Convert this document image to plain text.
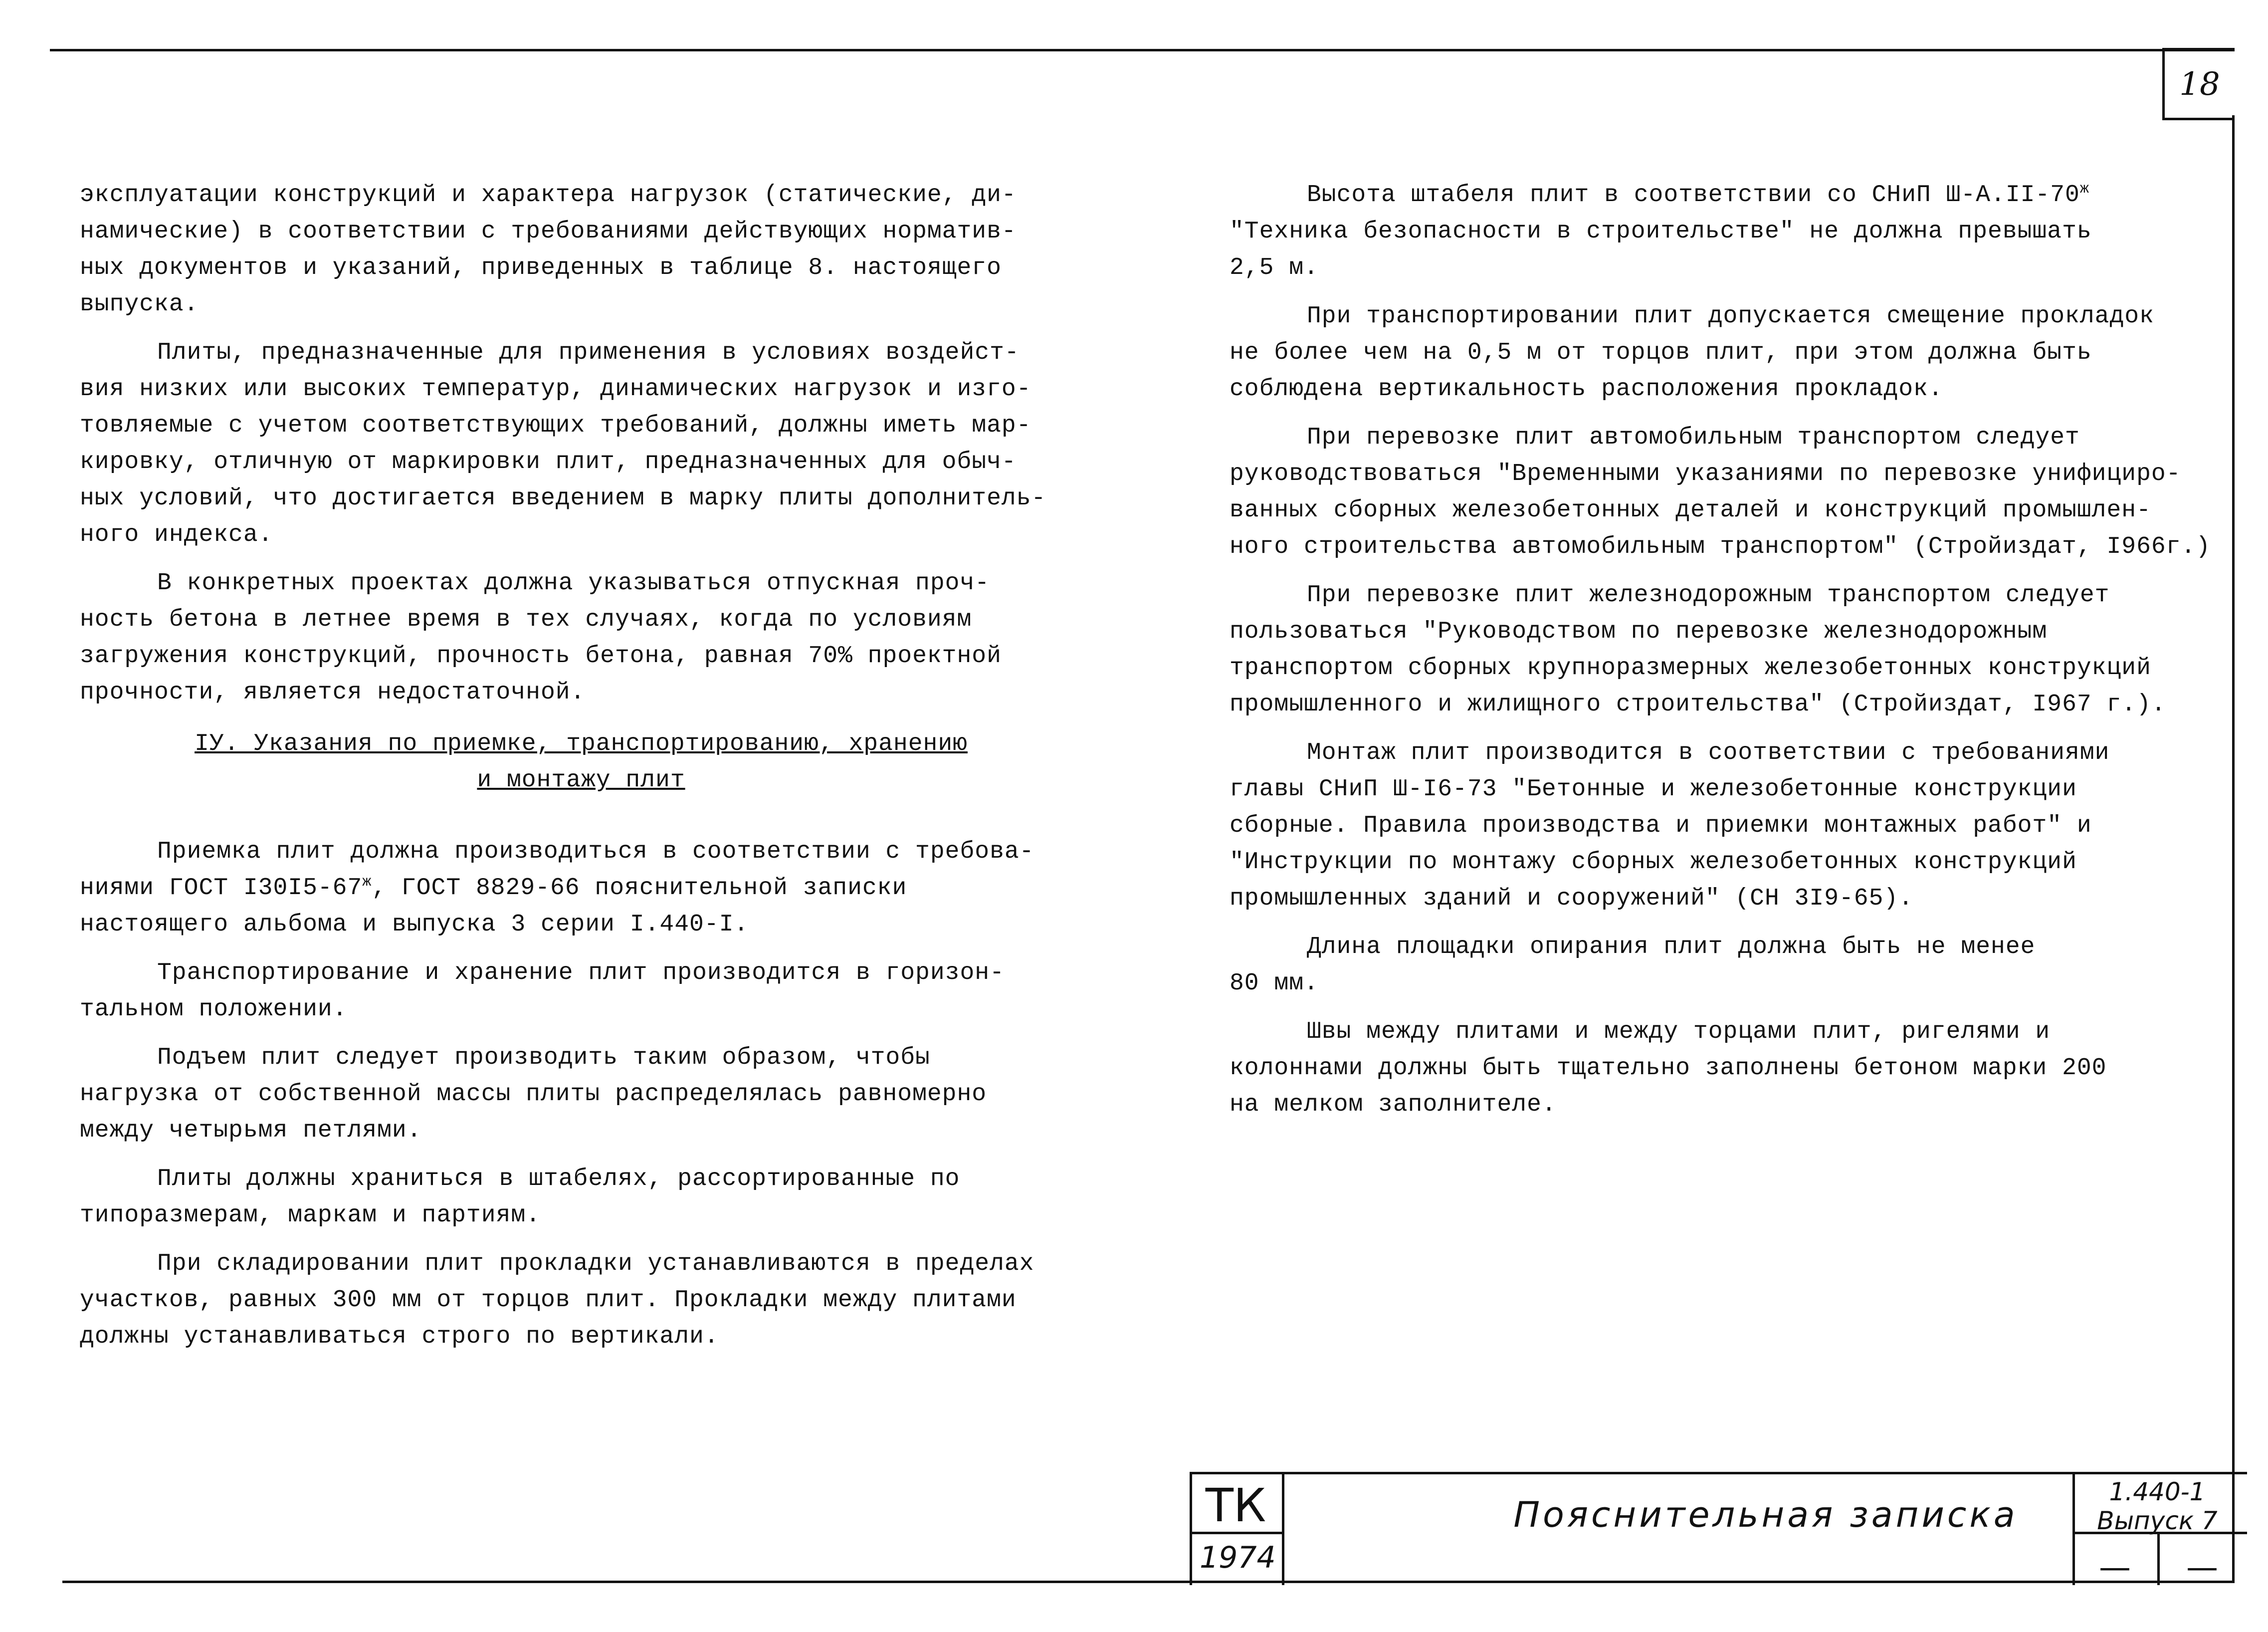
18

эксплуатации конструкций и характера нагрузок (статические, ди-
намические) в соответствии с требованиями действующих норматив-
ных документов и указаний, приведенных в таблице 8. настоящего
выпуска.

Плиты, предназначенные для применения в условиях воздейст-
вия низких или высоких температур, динамических нагрузок и изго-
товляемые с учетом соответствующих требований, должны иметь мар-
кировку, отличную от маркировки плит, предназначенных для обыч-
ных условий, что достигается введением в марку плиты дополнитель-
ного индекса.

В конкретных проектах должна указываться отпускная проч-
ность бетона в летнее время в тех случаях, когда по условиям
загружения конструкций, прочность бетона, равная 70% проектной
прочности, является недостаточной.

IУ. Указания по приемке, транспортированию, хранению
и монтажу плит

Приемка плит должна производиться в соответствии с требова-
ниями ГОСТ $I30I5-67^ж$, ГОСТ 8829-66 пояснительной записки
настоящего альбома и выпуска 3 серии I.440-I.

Транспортирование и хранение плит производится в горизон-
тальном положении.

Подъем плит следует производить таким образом, чтобы
нагрузка от собственной массы плиты распределялась равномерно
между четырьмя петлями.

Плиты должны храниться в штабелях, рассортированные по
типоразмерам, маркам и партиям.

При складировании плит прокладки устанавливаются в пределах
участков, равных 300 мм от торцов плит. Прокладки между плитами
должны устанавливаться строго по вертикали.

Высота штабеля плит в соответствии со СНиП $Ш-А.II-70^ж$
"Техника безопасности в строительстве" не должна превышать
2,5 м.

При транспортировании плит допускается смещение прокладок
не более чем на 0,5 м от торцов плит, при этом должна быть
соблюдена вертикальность расположения прокладок.

При перевозке плит автомобильным транспортом следует
руководствоваться "Временными указаниями по перевозке унифициро-
ванных сборных железобетонных деталей и конструкций промышлен-
ного строительства автомобильным транспортом" (Стройиздат, I966г.)

При перевозке плит железнодорожным транспортом следует
пользоваться "Руководством по перевозке железнодорожным
транспортом сборных крупноразмерных железобетонных конструкций
промышленного и жилищного строительства" (Стройиздат, I967 г.).

Монтаж плит производится в соответствии с требованиями
главы СНиП Ш-I6-73 "Бетонные и железобетонные конструкции
сборные. Правила производства и приемки монтажных работ" и
"Инструкции по монтажу сборных железобетонных конструкций
промышленных зданий и сооружений" (СН 3I9-65).

Длина площадки опирания плит должна быть не менее
80 мм.

Швы между плитами и между торцами плит, ригелями и
колоннами должны быть тщательно заполнены бетоном марки 200
на мелком заполнителе.

ТК
1974
Пояснительная записка
1.440-1
Выпуск 7
—	—
